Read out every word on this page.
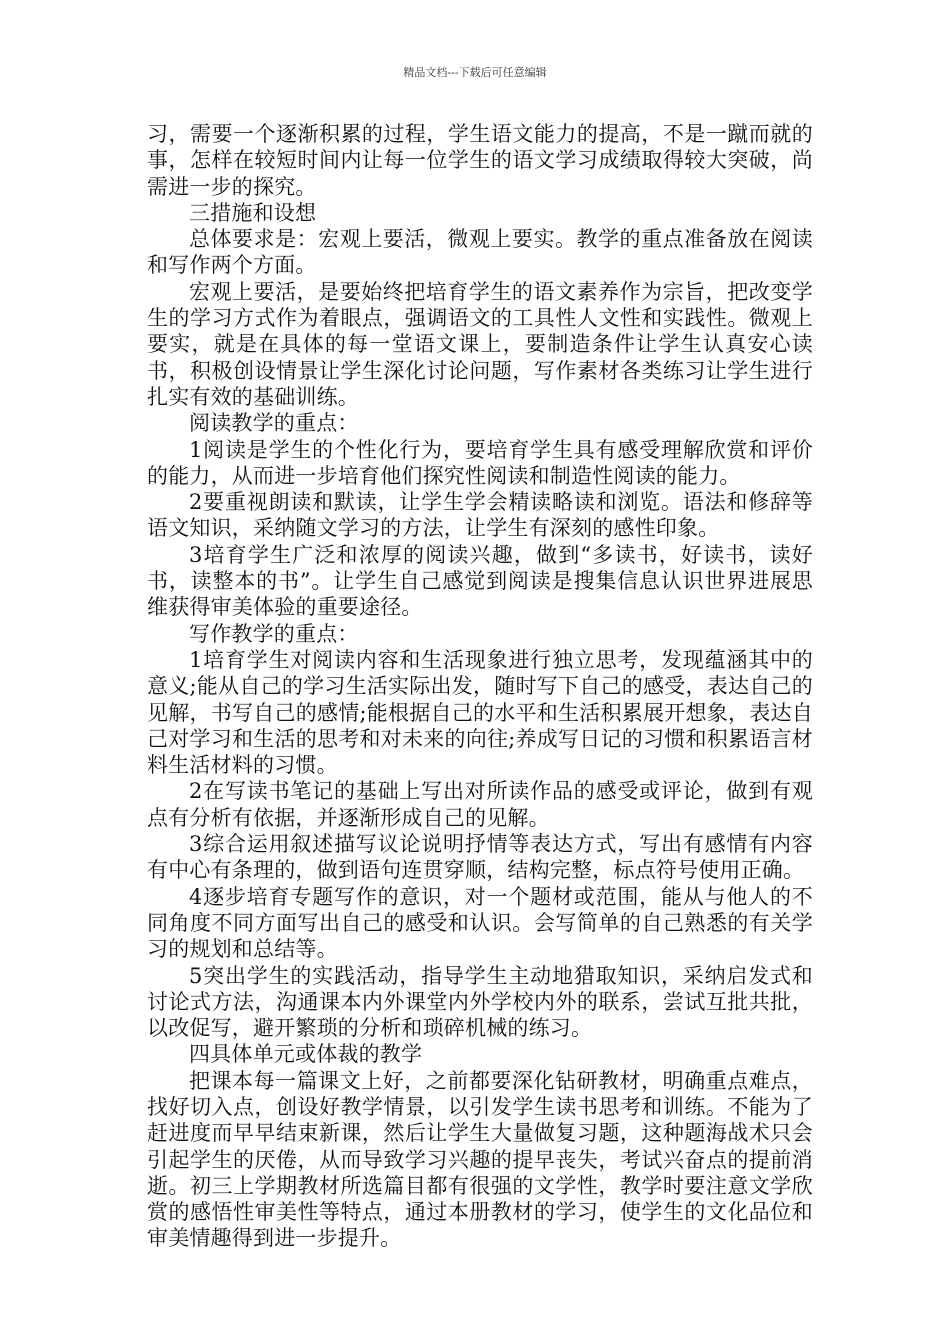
精品文档---下载后可任意编辑

习，需要一个逐渐积累的过程，学生语文能力的提高，不是一蹴而就的事，怎样在较短时间内让每一位学生的语文学习成绩取得较大突破，尚需进一步的探究。

三措施和设想

总体要求是：宏观上要活，微观上要实。教学的重点准备放在阅读和写作两个方面。

宏观上要活，是要始终把培育学生的语文素养作为宗旨，把改变学生的学习方式作为着眼点，强调语文的工具性人文性和实践性。微观上要实，就是在具体的每一堂语文课上，要制造条件让学生认真安心读书，积极创设情景让学生深化讨论问题，写作素材各类练习让学生进行扎实有效的基础训练。

阅读教学的重点：

1阅读是学生的个性化行为，要培育学生具有感受理解欣赏和评价的能力，从而进一步培育他们探究性阅读和制造性阅读的能力。

2要重视朗读和默读，让学生学会精读略读和浏览。语法和修辞等语文知识，采纳随文学习的方法，让学生有深刻的感性印象。

3培育学生广泛和浓厚的阅读兴趣，做到“多读书，好读书，读好书，读整本的书”。让学生自己感觉到阅读是搜集信息认识世界进展思维获得审美体验的重要途径。

写作教学的重点：

1培育学生对阅读内容和生活现象进行独立思考，发现蕴涵其中的意义;能从自己的学习生活实际出发，随时写下自己的感受，表达自己的见解，书写自己的感情;能根据自己的水平和生活积累展开想象，表达自己对学习和生活的思考和对未来的向往;养成写日记的习惯和积累语言材料生活材料的习惯。

2在写读书笔记的基础上写出对所读作品的感受或评论，做到有观点有分析有依据，并逐渐形成自己的见解。

3综合运用叙述描写议论说明抒情等表达方式，写出有感情有内容有中心有条理的，做到语句连贯穿顺，结构完整，标点符号使用正确。

4逐步培育专题写作的意识，对一个题材或范围，能从与他人的不同角度不同方面写出自己的感受和认识。会写简单的自己熟悉的有关学习的规划和总结等。

5突出学生的实践活动，指导学生主动地猎取知识，采纳启发式和讨论式方法，沟通课本内外课堂内外学校内外的联系，尝试互批共批，以改促写，避开繁琐的分析和琐碎机械的练习。

四具体单元或体裁的教学

把课本每一篇课文上好，之前都要深化钻研教材，明确重点难点，找好切入点，创设好教学情景，以引发学生读书思考和训练。不能为了赶进度而早早结束新课，然后让学生大量做复习题，这种题海战术只会引起学生的厌倦，从而导致学习兴趣的提早丧失，考试兴奋点的提前消逝。初三上学期教材所选篇目都有很强的文学性，教学时要注意文学欣赏的感悟性审美性等特点，通过本册教材的学习，使学生的文化品位和审美情趣得到进一步提升。
